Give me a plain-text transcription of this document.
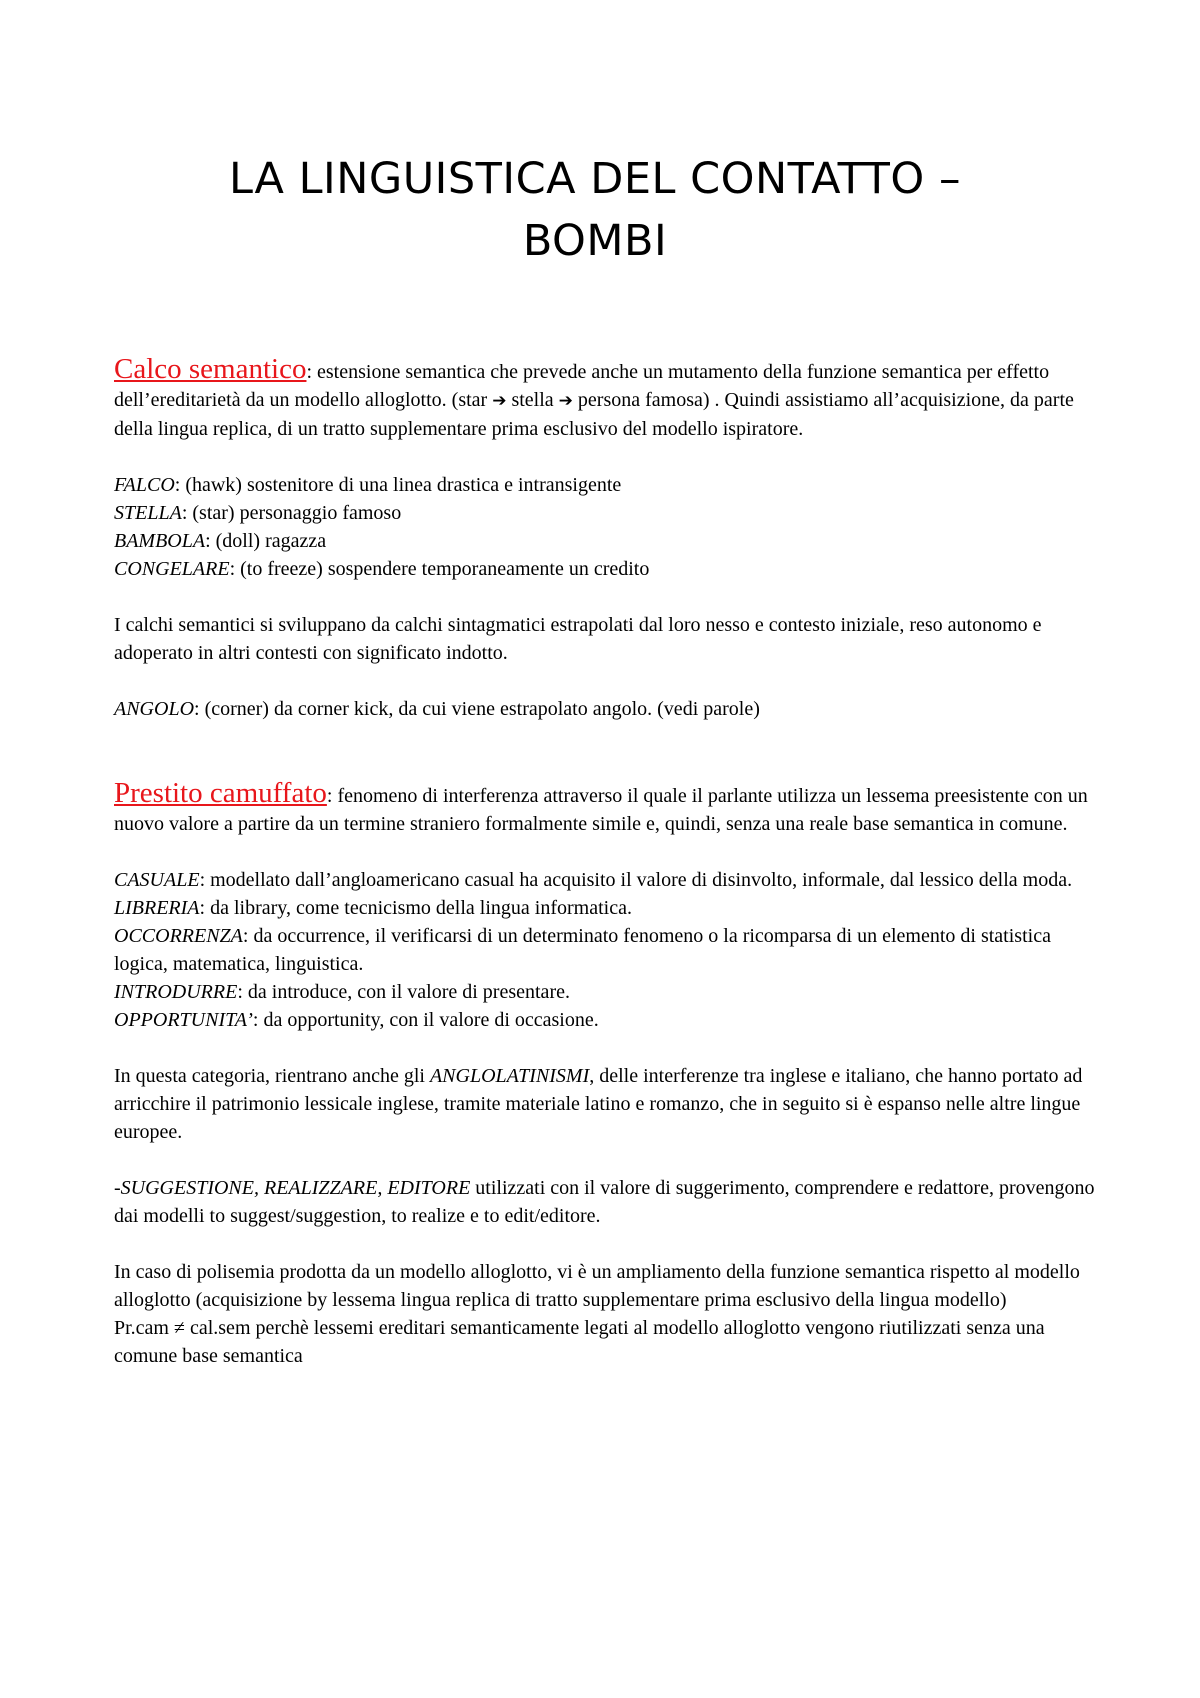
LA LINGUISTICA DEL CONTATTO –
BOMBI

Calco semantico: estensione semantica che prevede anche un mutamento della funzione semantica per effetto dell’ereditarietà da un modello alloglotto. (star ➔ stella ➔ persona famosa) . Quindi assistiamo all’acquisizione, da parte della lingua replica, di un tratto supplementare prima esclusivo del modello ispiratore.

FALCO: (hawk) sostenitore di una linea drastica e intransigente

STELLA: (star) personaggio famoso

BAMBOLA: (doll) ragazza

CONGELARE: (to freeze) sospendere temporaneamente un credito

I calchi semantici si sviluppano da calchi sintagmatici estrapolati dal loro nesso e contesto iniziale, reso autonomo e adoperato in altri contesti con significato indotto.

ANGOLO: (corner) da corner kick, da cui viene estrapolato angolo. (vedi parole)

Prestito camuffato: fenomeno di interferenza attraverso il quale il parlante utilizza un lessema preesistente con un nuovo valore a partire da un termine straniero formalmente simile e, quindi, senza una reale base semantica in comune.

CASUALE: modellato dall’angloamericano casual ha acquisito il valore di disinvolto, informale, dal lessico della moda.

LIBRERIA: da library, come tecnicismo della lingua informatica.

OCCORRENZA: da occurrence, il verificarsi di un determinato fenomeno o la ricomparsa di un elemento di statistica logica, matematica, linguistica.

INTRODURRE: da introduce, con il valore di presentare.

OPPORTUNITA’: da opportunity, con il valore di occasione.

In questa categoria, rientrano anche gli ANGLOLATINISMI, delle interferenze tra inglese e italiano, che hanno portato ad arricchire il patrimonio lessicale inglese, tramite materiale latino e romanzo, che in seguito si è espanso nelle altre lingue europee.

-SUGGESTIONE, REALIZZARE, EDITORE utilizzati con il valore di suggerimento, comprendere e redattore, provengono dai modelli to suggest/suggestion, to realize e to edit/editore.

In caso di polisemia prodotta da un modello alloglotto, vi è un ampliamento della funzione semantica rispetto al modello alloglotto (acquisizione by lessema lingua replica di tratto supplementare prima esclusivo della lingua modello)

Pr.cam ≠ cal.sem perchè lessemi ereditari semanticamente legati al modello alloglotto vengono riutilizzati senza una comune base semantica
